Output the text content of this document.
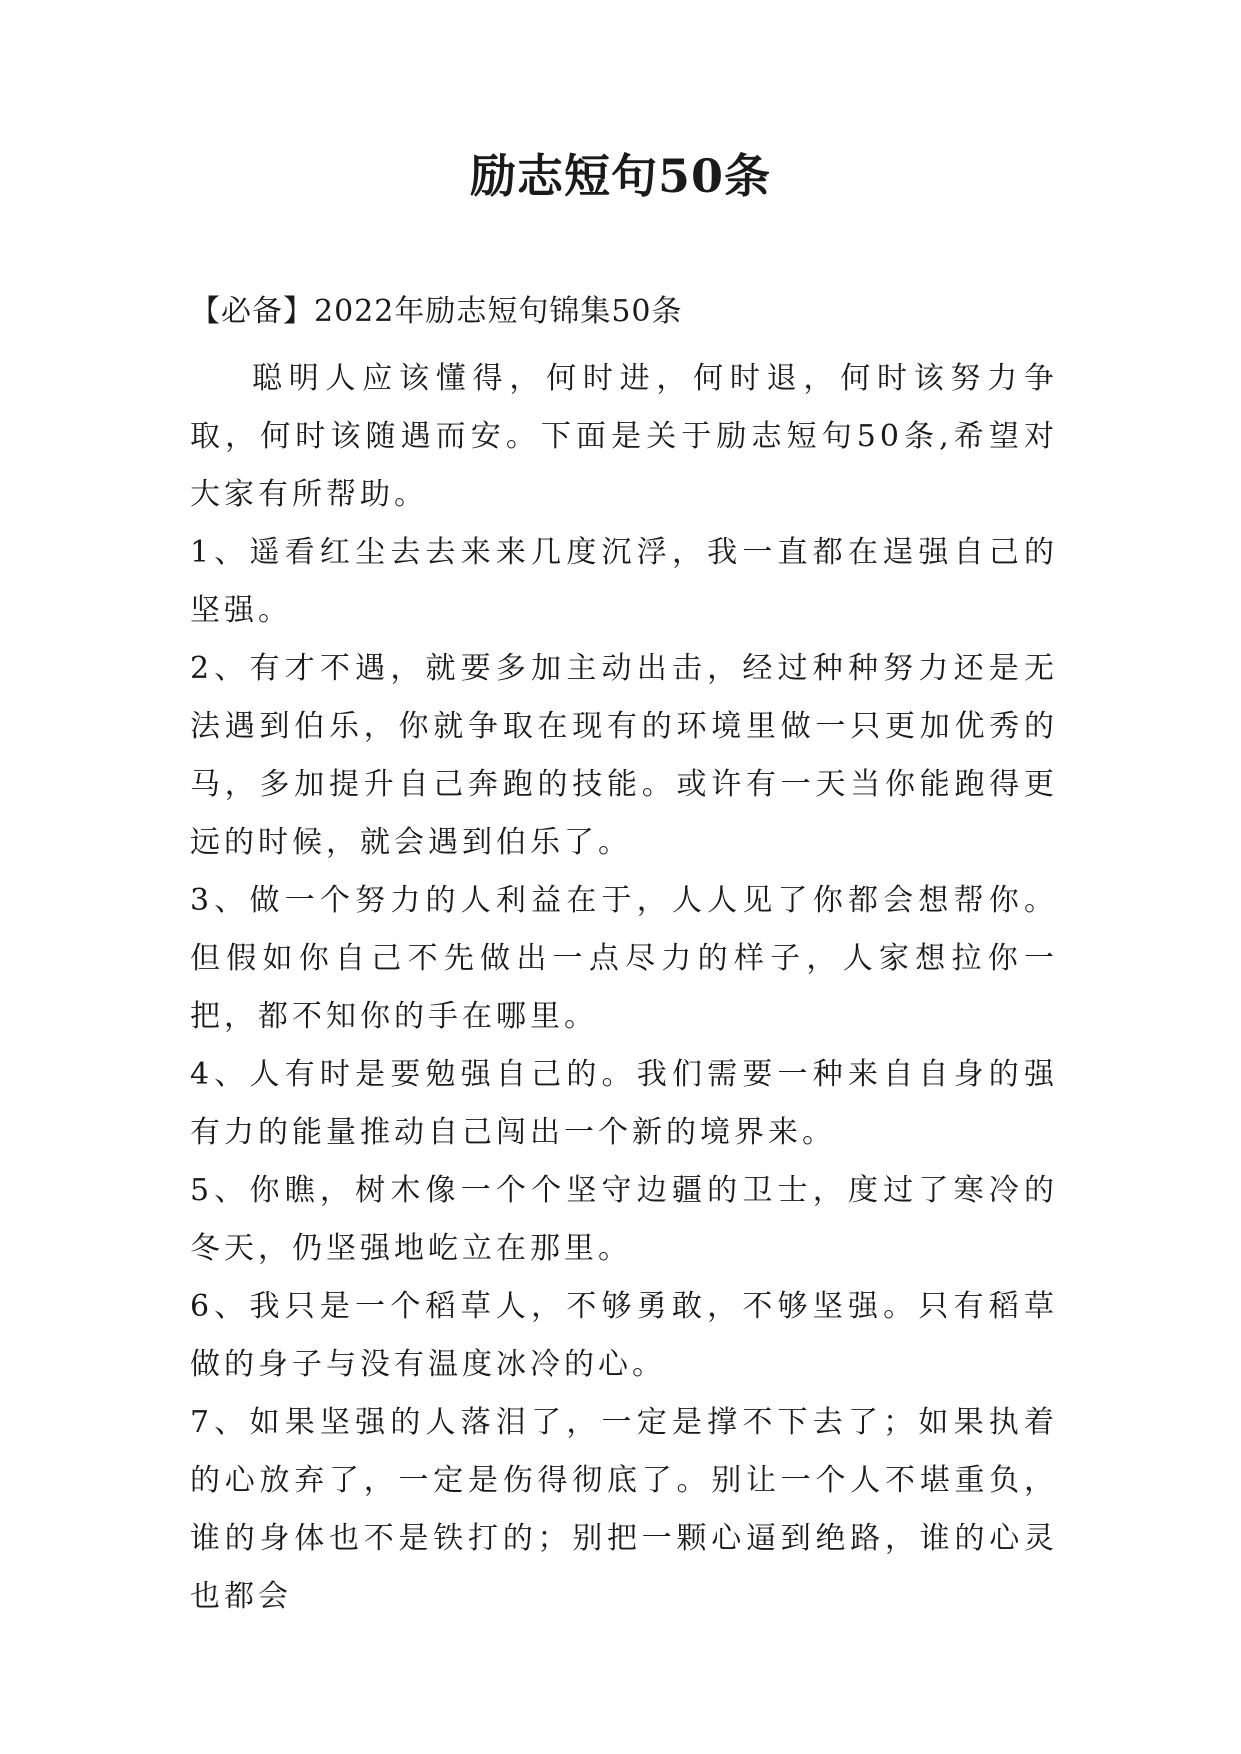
励志短句50条

【必备】2022年励志短句锦集50条

聪明人应该懂得，何时进，何时退，何时该努力争取，何时该随遇而安。下面是关于励志短句50条,希望对大家有所帮助。

1、遥看红尘去去来来几度沉浮，我一直都在逞强自己的坚强。

2、有才不遇，就要多加主动出击，经过种种努力还是无法遇到伯乐，你就争取在现有的环境里做一只更加优秀的马，多加提升自己奔跑的技能。或许有一天当你能跑得更远的时候，就会遇到伯乐了。

3、做一个努力的人利益在于，人人见了你都会想帮你。但假如你自己不先做出一点尽力的样子，人家想拉你一把，都不知你的手在哪里。

4、人有时是要勉强自己的。我们需要一种来自自身的强有力的能量推动自己闯出一个新的境界来。

5、你瞧，树木像一个个坚守边疆的卫士，度过了寒冷的冬天，仍坚强地屹立在那里。

6、我只是一个稻草人，不够勇敢，不够坚强。只有稻草做的身子与没有温度冰冷的心。

7、如果坚强的人落泪了，一定是撑不下去了；如果执着的心放弃了，一定是伤得彻底了。别让一个人不堪重负，谁的身体也不是铁打的；别把一颗心逼到绝路，谁的心灵也都会
